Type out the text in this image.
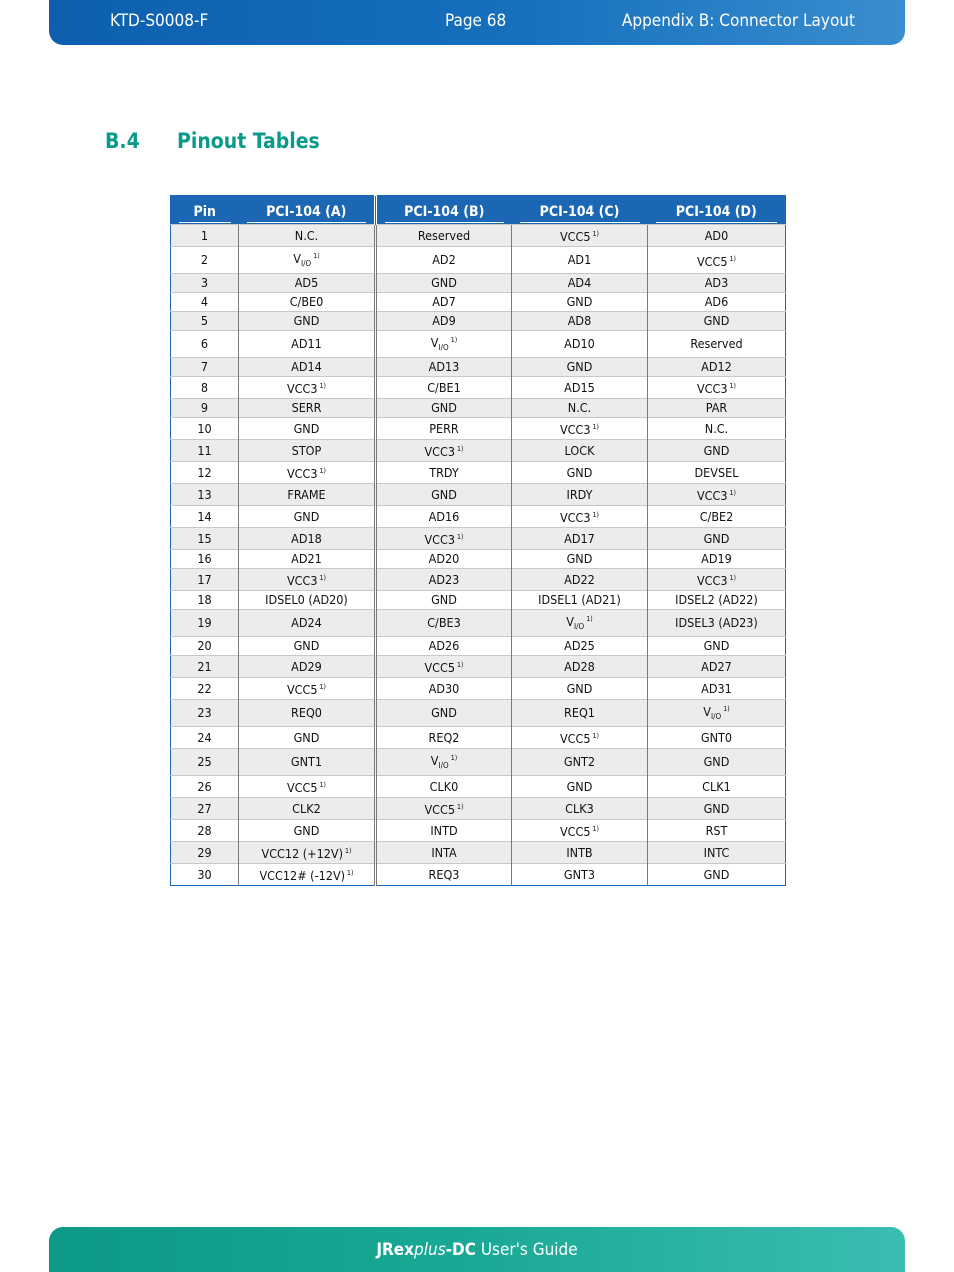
KTD-S0008-F	Page 68	Appendix B: Connector Layout
B.4 Pinout Tables
Pin	PCI-104 (A)	PCI-104 (B)	PCI-104 (C)	PCI-104 (D)

1	N.C.	Reserved	VCC5 $^{1)}$	AD0
2	$V_{I/O}^{1)}$	AD2	AD1	VCC5 $^{1)}$
3	AD5	GND	AD4	AD3
4	C/BE0	AD7	GND	AD6
5	GND	AD9	AD8	GND
6	AD11	$V_{I/O}^{1)}$	AD10	Reserved
7	AD14	AD13	GND	AD12
8	VCC3 $^{1)}$	C/BE1	AD15	VCC3 $^{1)}$
9	SERR	GND	N.C.	PAR
10	GND	PERR	VCC3 $^{1)}$	N.C.
11	STOP	VCC3 $^{1)}$	LOCK	GND
12	VCC3 $^{1)}$	TRDY	GND	DEVSEL
13	FRAME	GND	IRDY	VCC3 $^{1)}$
14	GND	AD16	VCC3 $^{1)}$	C/BE2
15	AD18	VCC3 $^{1)}$	AD17	GND
16	AD21	AD20	GND	AD19
17	VCC3 $^{1)}$	AD23	AD22	VCC3 $^{1)}$
18	IDSEL0 (AD20)	GND	IDSEL1 (AD21)	IDSEL2 (AD22)
19	AD24	C/BE3	$V_{I/O}^{1)}$	IDSEL3 (AD23)
20	GND	AD26	AD25	GND
21	AD29	VCC5 $^{1)}$	AD28	AD27
22	VCC5 $^{1)}$	AD30	GND	AD31
23	REQ0	GND	REQ1	$V_{I/O}^{1)}$
24	GND	REQ2	VCC5 $^{1)}$	GNT0
25	GNT1	$V_{I/O}^{1)}$	GNT2	GND
26	VCC5 $^{1)}$	CLK0	GND	CLK1
27	CLK2	VCC5 $^{1)}$	CLK3	GND
28	GND	INTD	VCC5 $^{1)}$	RST
29	VCC12 (+12V) $^{1)}$	INTA	INTB	INTC
30	VCC12# (-12V) $^{1)}$	REQ3	GNT3	GND
JRexplus-DC User's Guide
